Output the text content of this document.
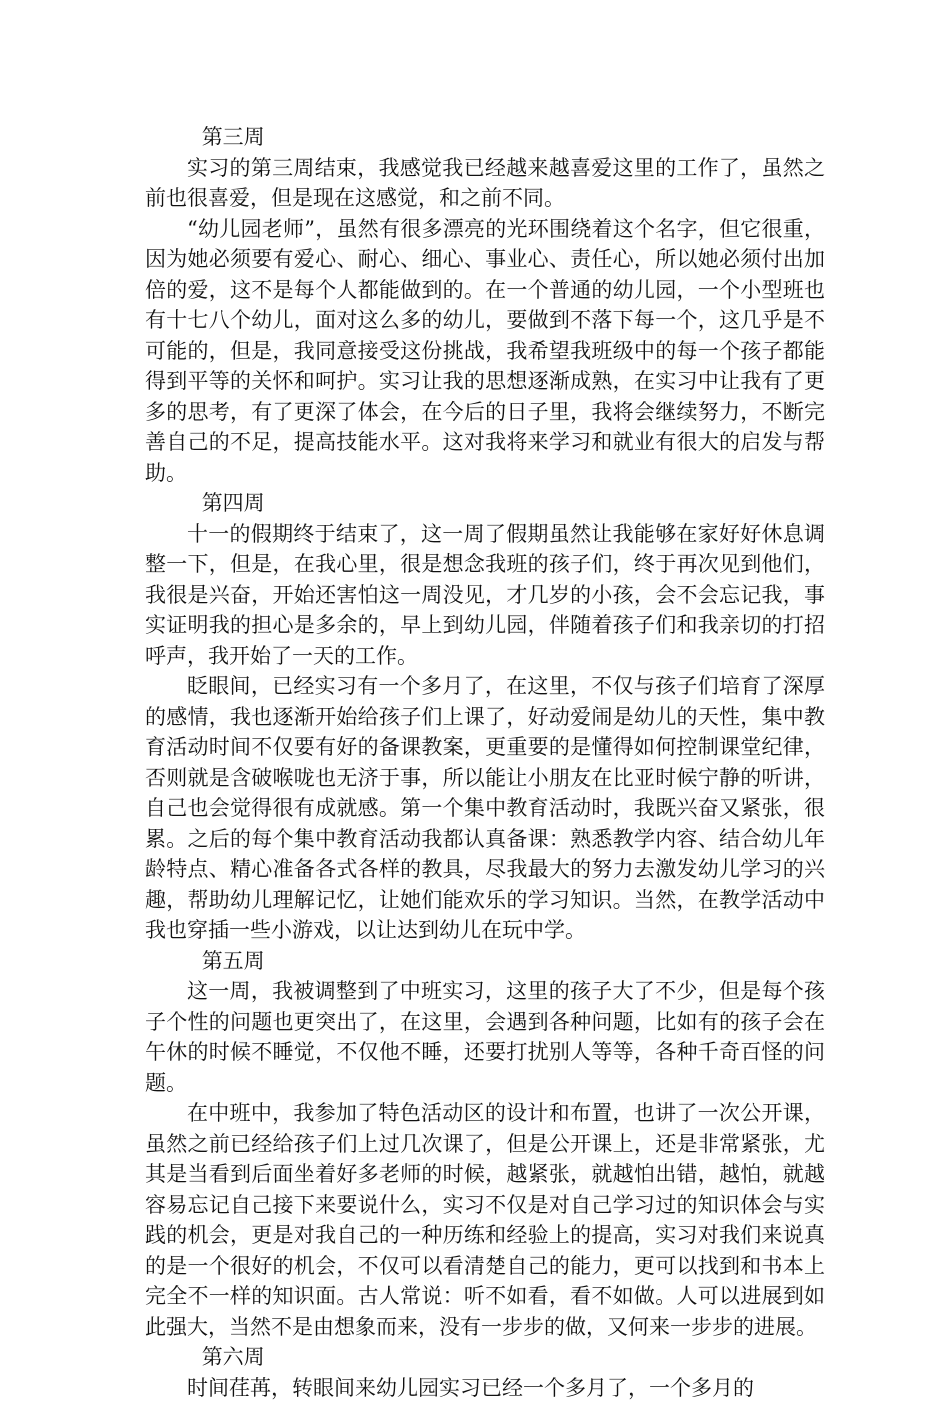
第三周

实习的第三周结束，我感觉我已经越来越喜爱这里的工作了，虽然之前也很喜爱，但是现在这感觉，和之前不同。

“幼儿园老师”，虽然有很多漂亮的光环围绕着这个名字，但它很重，因为她必须要有爱心、耐心、细心、事业心、责任心，所以她必须付出加倍的爱，这不是每个人都能做到的。在一个普通的幼儿园，一个小型班也有十七八个幼儿，面对这么多的幼儿，要做到不落下每一个，这几乎是不可能的，但是，我同意接受这份挑战，我希望我班级中的每一个孩子都能得到平等的关怀和呵护。实习让我的思想逐渐成熟，在实习中让我有了更多的思考，有了更深了体会，在今后的日子里，我将会继续努力，不断完善自己的不足，提高技能水平。这对我将来学习和就业有很大的启发与帮助。

第四周

十一的假期终于结束了，这一周了假期虽然让我能够在家好好休息调整一下，但是，在我心里，很是想念我班的孩子们，终于再次见到他们，我很是兴奋，开始还害怕这一周没见，才几岁的小孩，会不会忘记我，事实证明我的担心是多余的，早上到幼儿园，伴随着孩子们和我亲切的打招呼声，我开始了一天的工作。

眨眼间，已经实习有一个多月了，在这里，不仅与孩子们培育了深厚的感情，我也逐渐开始给孩子们上课了，好动爱闹是幼儿的天性，集中教育活动时间不仅要有好的备课教案，更重要的是懂得如何控制课堂纪律，否则就是含破喉咙也无济于事，所以能让小朋友在比亚时候宁静的听讲，自己也会觉得很有成就感。第一个集中教育活动时，我既兴奋又紧张，很累。之后的每个集中教育活动我都认真备课：熟悉教学内容、结合幼儿年龄特点、精心准备各式各样的教具，尽我最大的努力去激发幼儿学习的兴趣，帮助幼儿理解记忆，让她们能欢乐的学习知识。当然，在教学活动中我也穿插一些小游戏，以让达到幼儿在玩中学。

第五周

这一周，我被调整到了中班实习，这里的孩子大了不少，但是每个孩子个性的问题也更突出了，在这里，会遇到各种问题，比如有的孩子会在午休的时候不睡觉，不仅他不睡，还要打扰别人等等，各种千奇百怪的问题。

在中班中，我参加了特色活动区的设计和布置，也讲了一次公开课，虽然之前已经给孩子们上过几次课了，但是公开课上，还是非常紧张，尤其是当看到后面坐着好多老师的时候，越紧张，就越怕出错，越怕，就越容易忘记自己接下来要说什么，实习不仅是对自己学习过的知识体会与实践的机会，更是对我自己的一种历练和经验上的提高，实习对我们来说真的是一个很好的机会，不仅可以看清楚自己的能力，更可以找到和书本上完全不一样的知识面。古人常说：听不如看，看不如做。人可以进展到如此强大，当然不是由想象而来，没有一步步的做，又何来一步步的进展。

第六周

时间荏苒，转眼间来幼儿园实习已经一个多月了，一个多月的
